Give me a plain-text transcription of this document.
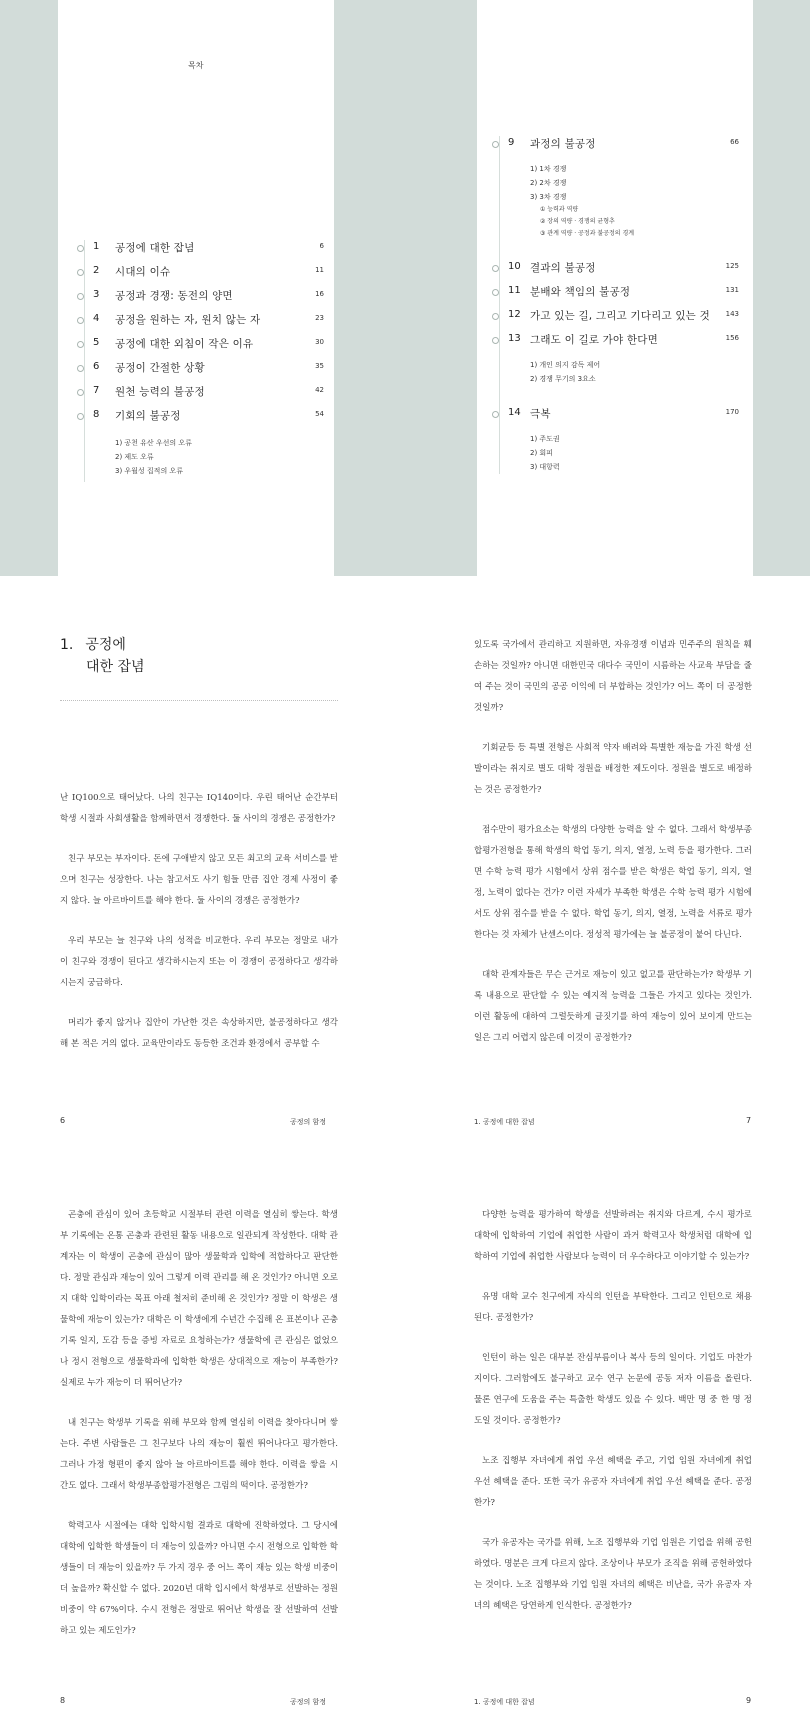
목차
1 공정에 대한 잡념	6
2 시대의 이슈	11
3 공정과 경쟁: 동전의 양면	16
4 공정을 원하는 자, 원치 않는 자	23
5 공정에 대한 외침이 작은 이유	30
6 공정이 간절한 상황	35
7 원천 능력의 불공정	42
8 기회의 불공정	54
1) 공천 유산 우선의 오류
2) 제도 오류
3) 우월성 집적의 오류
9 과정의 불공정	66
1) 1차 경쟁
2) 2차 경쟁
3) 3차 경쟁
① 능력과 역량
② 장의 역량 · 경쟁의 균형추
③ 관계 역량 · 공정과 불공정의 경계
10 결과의 불공정	125
11 분배와 책임의 불공정	131
12 가고 있는 길, 그리고 기다리고 있는 것 143
13 그래도 이 길로 가야 한다면	156
1) 개인 의지 감독 제어
2) 경쟁 무기의 3요소
14 극복	170
1) 주도권
2) 회피
3) 대항력
1. 공정에
대한 잡념

난 IQ100으로 태어났다. 나의 친구는 IQ140이다. 우린 태어난 순간부터 학생 시절과 사회생활을 함께하면서 경쟁한다. 둘 사이의 경쟁은 공정한가?

친구 부모는 부자이다. 돈에 구애받지 않고 모든 최고의 교육 서비스를 받으며 친구는 성장한다. 나는 참고서도 사기 힘들 만큼 집안 경제 사정이 좋지 않다. 늘 아르바이트를 해야 한다. 둘 사이의 경쟁은 공정한가?

우리 부모는 늘 친구와 나의 성적을 비교한다. 우리 부모는 정말로 내가 이 친구와 경쟁이 된다고 생각하시는지 또는 이 경쟁이 공정하다고 생각하시는지 궁금하다.

머리가 좋지 않거나 집안이 가난한 것은 속상하지만, 불공정하다고 생각해 본 적은 거의 없다. 교육만이라도 동등한 조건과 환경에서 공부할 수

6	공정의 함정

있도록 국가에서 관리하고 지원하면, 자유경쟁 이념과 민주주의 원칙을 훼손하는 것일까? 아니면 대한민국 대다수 국민이 시름하는 사교육 부담을 줄여 주는 것이 국민의 공공 이익에 더 부합하는 것인가? 어느 쪽이 더 공정한 것일까?

기회균등 등 특별 전형은 사회적 약자 배려와 특별한 재능을 가진 학생 선발이라는 취지로 별도 대학 정원을 배정한 제도이다. 정원을 별도로 배정하는 것은 공정한가?

점수만이 평가요소는 학생의 다양한 능력을 알 수 없다. 그래서 학생부종합평가전형을 통해 학생의 학업 동기, 의지, 열정, 노력 등을 평가한다. 그러면 수학 능력 평가 시험에서 상위 점수를 받은 학생은 학업 동기, 의지, 열정, 노력이 없다는 건가? 이런 자세가 부족한 학생은 수학 능력 평가 시험에서도 상위 점수를 받을 수 없다. 학업 동기, 의지, 열정, 노력을 서류로 평가한다는 것 자체가 난센스이다. 정성적 평가에는 늘 불공정이 붙어 다닌다.

대학 관계자들은 무슨 근거로 재능이 있고 없고를 판단하는가? 학생부 기록 내용으로 판단할 수 있는 예지적 능력을 그들은 가지고 있다는 것인가. 이런 활동에 대하여 그럴듯하게 글짓기를 하여 재능이 있어 보이게 만드는 일은 그리 어렵지 않은데 이것이 공정한가?

1. 공정에 대한 잡념	7

곤충에 관심이 있어 초등학교 시절부터 관련 이력을 열심히 쌓는다. 학생부 기록에는 온통 곤충과 관련된 활동 내용으로 일관되게 작성한다. 대학 관계자는 이 학생이 곤충에 관심이 많아 생물학과 입학에 적합하다고 판단한다. 정말 관심과 재능이 있어 그렇게 이력 관리를 해 온 것인가? 아니면 오로지 대학 입학이라는 목표 아래 철저히 준비해 온 것인가? 정말 이 학생은 생물학에 재능이 있는가? 대학은 이 학생에게 수년간 수집해 온 표본이나 곤충 기록 일지, 도감 등을 증빙 자료로 요청하는가? 생물학에 큰 관심은 없었으나 정시 전형으로 생물학과에 입학한 학생은 상대적으로 재능이 부족한가? 실제로 누가 재능이 더 뛰어난가?

내 친구는 학생부 기록을 위해 부모와 함께 열심히 이력을 찾아다니며 쌓는다. 주변 사람들은 그 친구보다 나의 재능이 훨씬 뛰어나다고 평가한다. 그러나 가정 형편이 좋지 않아 늘 아르바이트를 해야 한다. 이력을 쌓을 시간도 없다. 그래서 학생부종합평가전형은 그림의 떡이다. 공정한가?

학력고사 시절에는 대학 입학시험 결과로 대학에 진학하였다. 그 당시에 대학에 입학한 학생들이 더 재능이 있을까? 아니면 수시 전형으로 입학한 학생들이 더 재능이 있을까? 두 가지 경우 중 어느 쪽이 재능 있는 학생 비중이 더 높을까? 확신할 수 없다. 2020년 대학 입시에서 학생부로 선발하는 정원 비중이 약 67%이다. 수시 전형은 정말로 뛰어난 학생을 잘 선발하여 선발하고 있는 제도인가?

8	공정의 함정

다양한 능력을 평가하여 학생을 선발하려는 취지와 다르게, 수시 평가로 대학에 입학하여 기업에 취업한 사람이 과거 학력고사 학생처럼 대학에 입학하여 기업에 취업한 사람보다 능력이 더 우수하다고 이야기할 수 있는가?

유명 대학 교수 친구에게 자식의 인턴을 부탁한다. 그리고 인턴으로 채용된다. 공정한가?

인턴이 하는 일은 대부분 잔심부름이나 복사 등의 일이다. 기업도 마찬가지이다. 그러함에도 불구하고 교수 연구 논문에 공동 저자 이름을 올린다. 물론 연구에 도움을 주는 특출한 학생도 있을 수 있다. 백만 명 중 한 명 정도일 것이다. 공정한가?

노조 집행부 자녀에게 취업 우선 혜택을 주고, 기업 임원 자녀에게 취업 우선 혜택을 준다. 또한 국가 유공자 자녀에게 취업 우선 혜택을 준다. 공정한가?

국가 유공자는 국가를 위해, 노조 집행부와 기업 임원은 기업을 위해 공헌하였다. 명분은 크게 다르지 않다. 조상이나 부모가 조직을 위해 공헌하였다는 것이다. 노조 집행부와 기업 임원 자녀의 혜택은 비난을, 국가 유공자 자녀의 혜택은 당연하게 인식한다. 공정한가?

1. 공정에 대한 잡념	9
